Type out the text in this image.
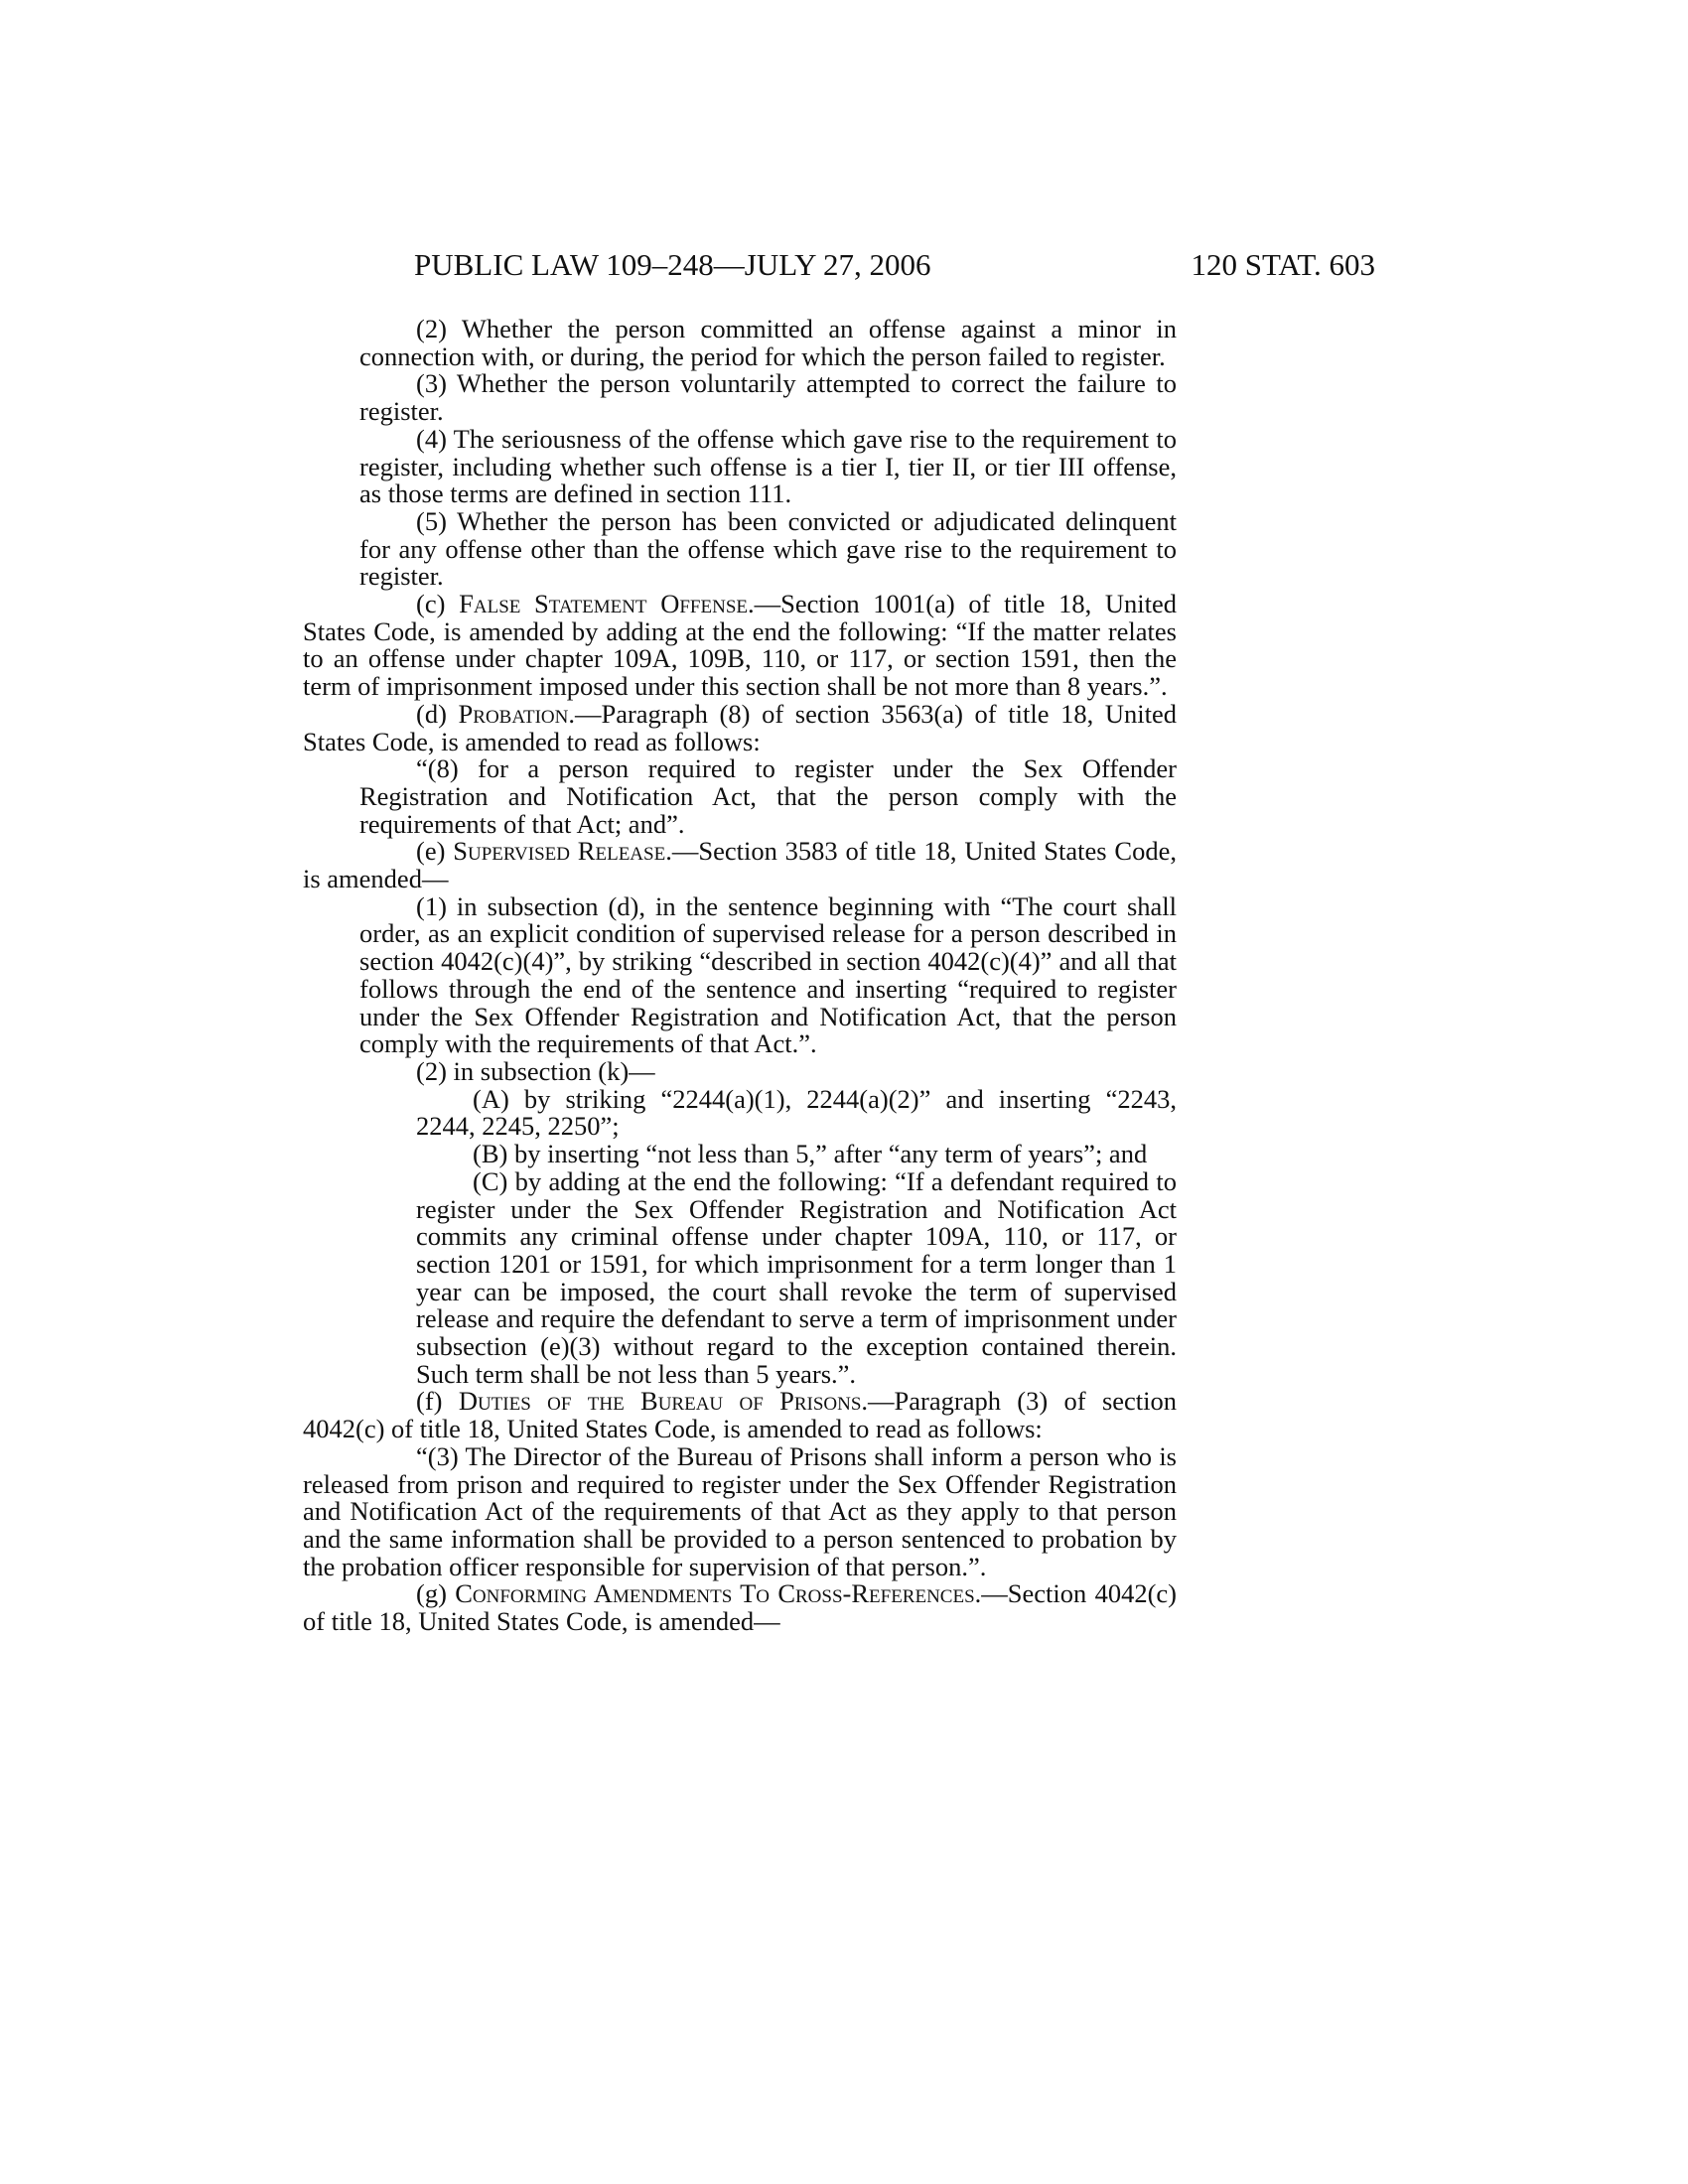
PUBLIC LAW 109–248—JULY 27, 2006	120 STAT. 603

(2) Whether the person committed an offense against a minor in connection with, or during, the period for which the person failed to register.

(3) Whether the person voluntarily attempted to correct the failure to register.

(4) The seriousness of the offense which gave rise to the requirement to register, including whether such offense is a tier I, tier II, or tier III offense, as those terms are defined in section 111.

(5) Whether the person has been convicted or adjudicated delinquent for any offense other than the offense which gave rise to the requirement to register.

(c) False Statement Offense.—Section 1001(a) of title 18, United States Code, is amended by adding at the end the following: “If the matter relates to an offense under chapter 109A, 109B, 110, or 117, or section 1591, then the term of imprisonment imposed under this section shall be not more than 8 years.”.

(d) Probation.—Paragraph (8) of section 3563(a) of title 18, United States Code, is amended to read as follows:

“(8) for a person required to register under the Sex Offender Registration and Notification Act, that the person comply with the requirements of that Act; and”.

(e) Supervised Release.—Section 3583 of title 18, United States Code, is amended—

(1) in subsection (d), in the sentence beginning with “The court shall order, as an explicit condition of supervised release for a person described in section 4042(c)(4)”, by striking “described in section 4042(c)(4)” and all that follows through the end of the sentence and inserting “required to register under the Sex Offender Registration and Notification Act, that the person comply with the requirements of that Act.”.

(2) in subsection (k)—

(A) by striking “2244(a)(1), 2244(a)(2)” and inserting “2243, 2244, 2245, 2250”;

(B) by inserting “not less than 5,” after “any term of years”; and

(C) by adding at the end the following: “If a defendant required to register under the Sex Offender Registration and Notification Act commits any criminal offense under chapter 109A, 110, or 117, or section 1201 or 1591, for which imprisonment for a term longer than 1 year can be imposed, the court shall revoke the term of supervised release and require the defendant to serve a term of imprisonment under subsection (e)(3) without regard to the exception contained therein. Such term shall be not less than 5 years.”.

(f) Duties of the Bureau of Prisons.—Paragraph (3) of section 4042(c) of title 18, United States Code, is amended to read as follows:

“(3) The Director of the Bureau of Prisons shall inform a person who is released from prison and required to register under the Sex Offender Registration and Notification Act of the requirements of that Act as they apply to that person and the same information shall be provided to a person sentenced to probation by the probation officer responsible for supervision of that person.”.

(g) Conforming Amendments To Cross-References.—Section 4042(c) of title 18, United States Code, is amended—
